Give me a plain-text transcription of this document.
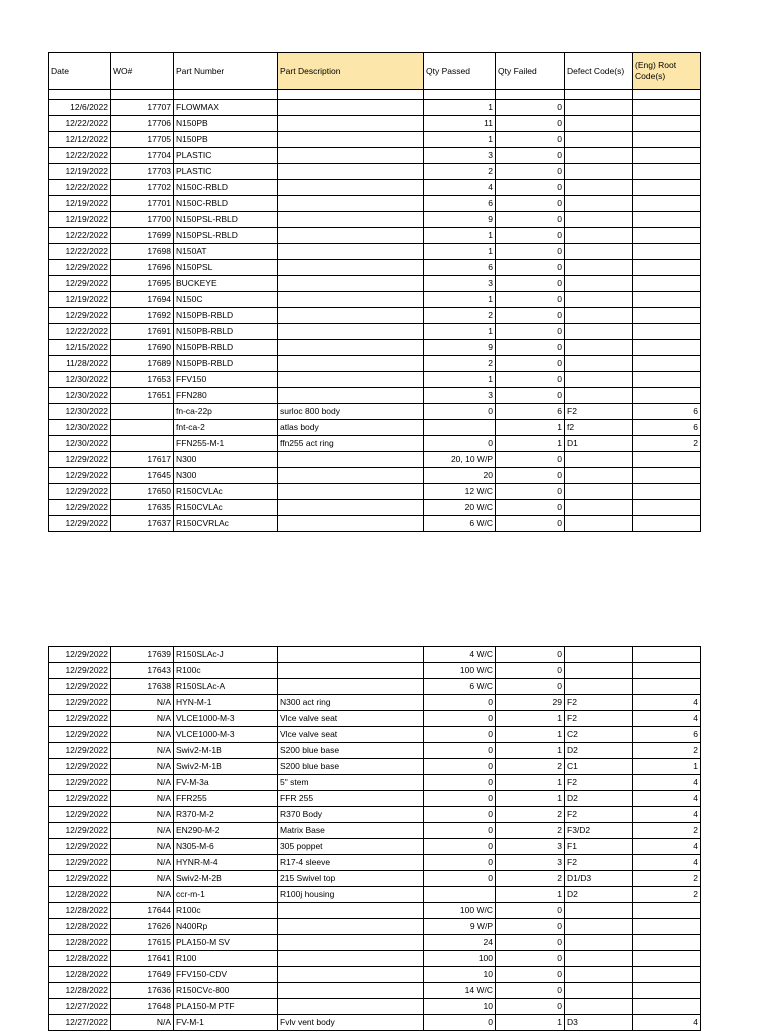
Date	WO#	Part Number	Part Description	Qty Passed	Qty Failed	Defect Code(s)	(Eng) Root Code(s)

12/6/2022	17707	FLOWMAX		1	0		
12/22/2022	17706	N150PB		11	0		
12/12/2022	17705	N150PB		1	0		
12/22/2022	17704	PLASTIC		3	0		
12/19/2022	17703	PLASTIC		2	0		
12/22/2022	17702	N150C-RBLD		4	0		
12/19/2022	17701	N150C-RBLD		6	0		
12/19/2022	17700	N150PSL-RBLD		9	0		
12/22/2022	17699	N150PSL-RBLD		1	0		
12/22/2022	17698	N150AT		1	0		
12/29/2022	17696	N150PSL		6	0		
12/29/2022	17695	BUCKEYE		3	0		
12/19/2022	17694	N150C		1	0		
12/29/2022	17692	N150PB-RBLD		2	0		
12/22/2022	17691	N150PB-RBLD		1	0		
12/15/2022	17690	N150PB-RBLD		9	0		
11/28/2022	17689	N150PB-RBLD		2	0		
12/30/2022	17653	FFV150		1	0		
12/30/2022	17651	FFN280		3	0		
12/30/2022		fn-ca-22p	surloc 800 body	0	6	F2	6
12/30/2022		fnt-ca-2	atlas body		1	f2	6
12/30/2022		FFN255-M-1	ffn255 act ring	0	1	D1	2
12/29/2022	17617	N300		20, 10 W/P	0		
12/29/2022	17645	N300		20	0		
12/29/2022	17650	R150CVLAc		12 W/C	0		
12/29/2022	17635	R150CVLAc		20 W/C	0		
12/29/2022	17637	R150CVRLAc		6 W/C	0		
12/29/2022	17639	R150SLAc-J		4 W/C	0		
12/29/2022	17643	R100c		100 W/C	0		
12/29/2022	17638	R150SLAc-A		6 W/C	0		
12/29/2022	N/A	HYN-M-1	N300 act ring	0	29	F2	4
12/29/2022	N/A	VLCE1000-M-3	Vlce valve seat	0	1	F2	4
12/29/2022	N/A	VLCE1000-M-3	Vlce valve seat	0	1	C2	6
12/29/2022	N/A	Swiv2-M-1B	S200 blue base	0	1	D2	2
12/29/2022	N/A	Swiv2-M-1B	S200 blue base	0	2	C1	1
12/29/2022	N/A	FV-M-3a	5" stem	0	1	F2	4
12/29/2022	N/A	FFR255	FFR 255	0	1	D2	4
12/29/2022	N/A	R370-M-2	R370 Body	0	2	F2	4
12/29/2022	N/A	EN290-M-2	Matrix Base	0	2	F3/D2	2
12/29/2022	N/A	N305-M-6	305 poppet	0	3	F1	4
12/29/2022	N/A	HYNR-M-4	R17-4 sleeve	0	3	F2	4
12/29/2022	N/A	Swiv2-M-2B	215 Swivel top	0	2	D1/D3	2
12/28/2022	N/A	ccr-m-1	R100j housing		1	D2	2
12/28/2022	17644	R100c		100 W/C	0		
12/28/2022	17626	N400Rp		9 W/P	0		
12/28/2022	17615	PLA150-M SV		24	0		
12/28/2022	17641	R100		100	0		
12/28/2022	17649	FFV150-CDV		10	0		
12/28/2022	17636	R150CVc-800		14 W/C	0		
12/27/2022	17648	PLA150-M PTF		10	0		
12/27/2022	N/A	FV-M-1	Fvlv vent body	0	1	D3	4
